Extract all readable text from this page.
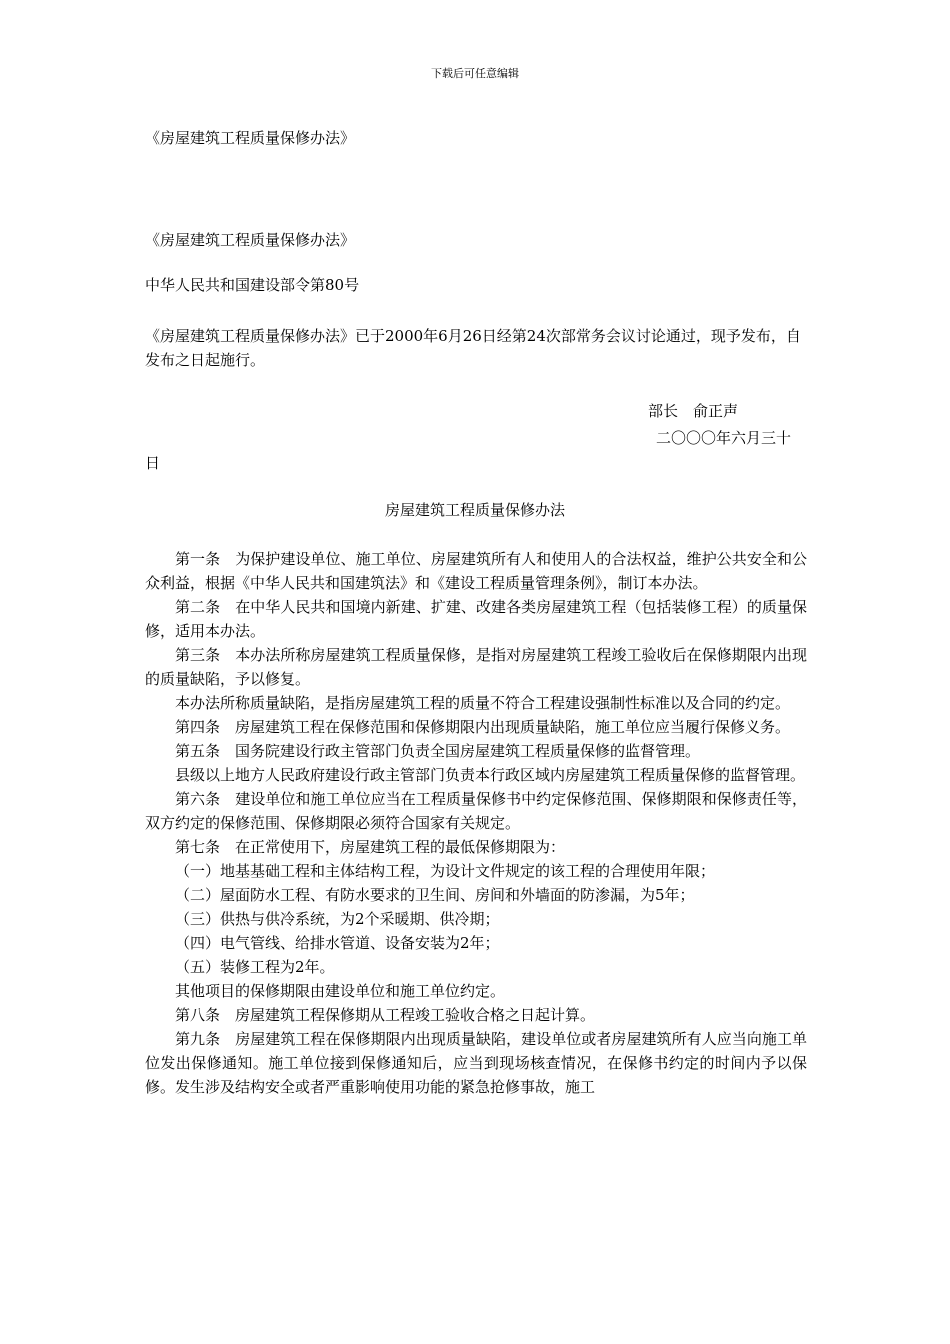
下载后可任意编辑
《房屋建筑工程质量保修办法》
《房屋建筑工程质量保修办法》
中华人民共和国建设部令第80号
《房屋建筑工程质量保修办法》已于2000年6月26日经第24次部常务会议讨论通过，现予发布，自发布之日起施行。
部长　俞正声
二〇〇〇年六月三十
日
房屋建筑工程质量保修办法

第一条　为保护建设单位、施工单位、房屋建筑所有人和使用人的合法权益，维护公共安全和公众利益，根据《中华人民共和国建筑法》和《建设工程质量管理条例》，制订本办法。

第二条　在中华人民共和国境内新建、扩建、改建各类房屋建筑工程（包括装修工程）的质量保修，适用本办法。

第三条　本办法所称房屋建筑工程质量保修，是指对房屋建筑工程竣工验收后在保修期限内出现的质量缺陷，予以修复。

本办法所称质量缺陷，是指房屋建筑工程的质量不符合工程建设强制性标准以及合同的约定。

第四条　房屋建筑工程在保修范围和保修期限内出现质量缺陷，施工单位应当履行保修义务。

第五条　国务院建设行政主管部门负责全国房屋建筑工程质量保修的监督管理。

县级以上地方人民政府建设行政主管部门负责本行政区域内房屋建筑工程质量保修的监督管理。

第六条　建设单位和施工单位应当在工程质量保修书中约定保修范围、保修期限和保修责任等，双方约定的保修范围、保修期限必须符合国家有关规定。

第七条　在正常使用下，房屋建筑工程的最低保修期限为：

（一）地基基础工程和主体结构工程，为设计文件规定的该工程的合理使用年限；

（二）屋面防水工程、有防水要求的卫生间、房间和外墙面的防渗漏，为5年；

（三）供热与供冷系统，为2个采暖期、供冷期；

（四）电气管线、给排水管道、设备安装为2年；

（五）装修工程为2年。

其他项目的保修期限由建设单位和施工单位约定。

第八条　房屋建筑工程保修期从工程竣工验收合格之日起计算。

第九条　房屋建筑工程在保修期限内出现质量缺陷，建设单位或者房屋建筑所有人应当向施工单位发出保修通知。施工单位接到保修通知后，应当到现场核查情况，在保修书约定的时间内予以保修。发生涉及结构安全或者严重影响使用功能的紧急抢修事故，施工
